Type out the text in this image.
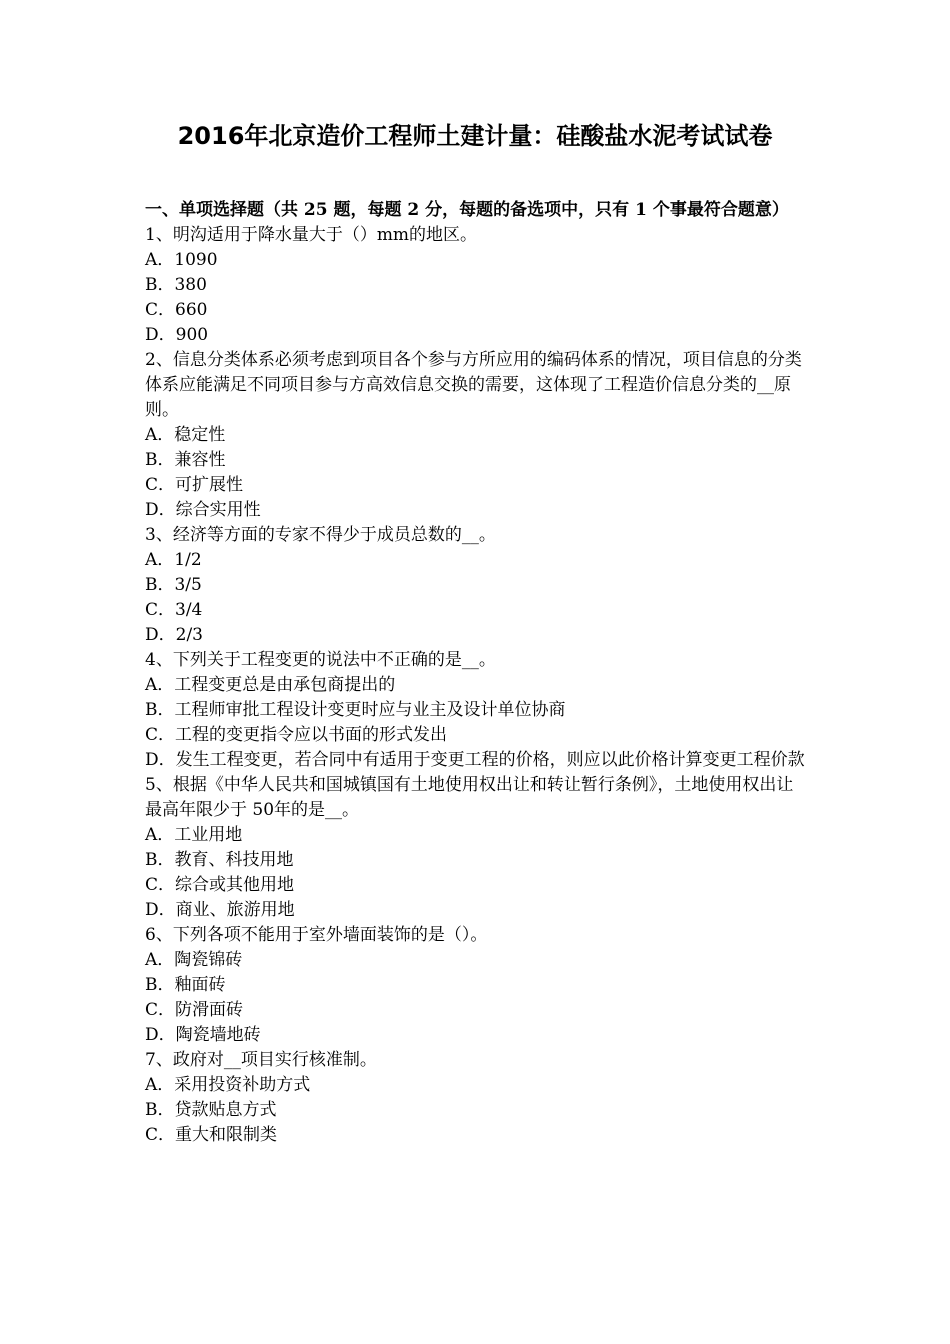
2016年北京造价工程师土建计量：硅酸盐水泥考试试卷

一、单项选择题（共 25 题，每题 2 分，每题的备选项中，只有 1 个事最符合题意）

1、明沟适用于降水量大于（）mm的地区。

A．1090

B．380

C．660

D．900

2、信息分类体系必须考虑到项目各个参与方所应用的编码体系的情况，项目信息的分类体系应能满足不同项目参与方高效信息交换的需要，这体现了工程造价信息分类的__原则。

A．稳定性

B．兼容性

C．可扩展性

D．综合实用性

3、经济等方面的专家不得少于成员总数的__。

A．1/2

B．3/5

C．3/4

D．2/3

4、下列关于工程变更的说法中不正确的是__。

A．工程变更总是由承包商提出的

B．工程师审批工程设计变更时应与业主及设计单位协商

C．工程的变更指令应以书面的形式发出

D．发生工程变更，若合同中有适用于变更工程的价格，则应以此价格计算变更工程价款

5、根据《中华人民共和国城镇国有土地使用权出让和转让暂行条例》，土地使用权出让最高年限少于 50年的是__。

A．工业用地

B．教育、科技用地

C．综合或其他用地

D．商业、旅游用地

6、下列各项不能用于室外墙面装饰的是（）。

A．陶瓷锦砖

B．釉面砖

C．防滑面砖

D．陶瓷墙地砖

7、政府对__项目实行核准制。

A．采用投资补助方式

B．贷款贴息方式

C．重大和限制类
